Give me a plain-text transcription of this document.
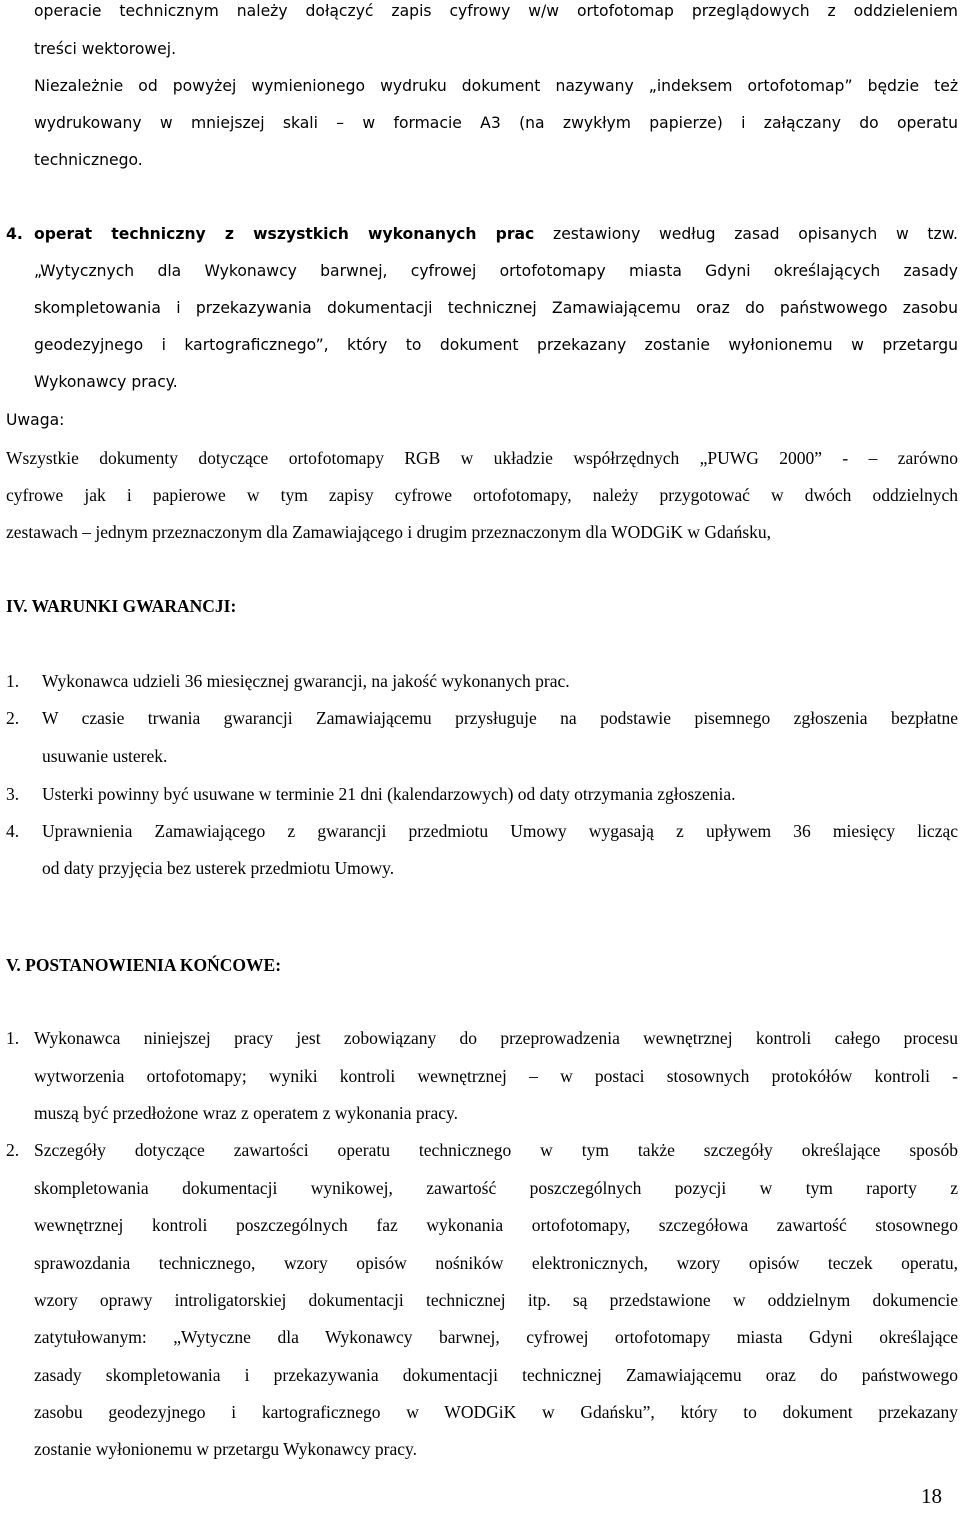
operacie technicznym należy dołączyć zapis cyfrowy w/w ortofotomap przeglądowych z oddzieleniem
treści wektorowej.
Niezależnie od powyżej wymienionego wydruku dokument nazywany „indeksem ortofotomap” będzie też
wydrukowany w mniejszej skali – w formacie A3 (na zwykłym papierze) i załączany do operatu
technicznego.
4. operat techniczny z wszystkich wykonanych prac zestawiony według zasad opisanych w tzw.
„Wytycznych dla Wykonawcy barwnej, cyfrowej ortofotomapy miasta Gdyni określających zasady
skompletowania i przekazywania dokumentacji technicznej Zamawiającemu oraz do państwowego zasobu
geodezyjnego i kartograficznego”, który to dokument przekazany zostanie wyłonionemu w przetargu
Wykonawcy pracy.
Uwaga:
Wszystkie dokumenty dotyczące ortofotomapy RGB w układzie współrzędnych „PUWG 2000” - – zarówno
cyfrowe jak i papierowe w tym zapisy cyfrowe ortofotomapy, należy przygotować w dwóch oddzielnych
zestawach – jednym przeznaczonym dla Zamawiającego i drugim przeznaczonym dla WODGiK w Gdańsku,
IV. WARUNKI GWARANCJI:
1. Wykonawca udzieli 36 miesięcznej gwarancji, na jakość wykonanych prac.
2. W czasie trwania gwarancji Zamawiającemu przysługuje na podstawie pisemnego zgłoszenia bezpłatne
usuwanie usterek.
3. Usterki powinny być usuwane w terminie 21 dni (kalendarzowych) od daty otrzymania zgłoszenia.
4. Uprawnienia Zamawiającego z gwarancji przedmiotu Umowy wygasają z upływem 36 miesięcy licząc
od daty przyjęcia bez usterek przedmiotu Umowy.
V. POSTANOWIENIA KOŃCOWE:
1. Wykonawca niniejszej pracy jest zobowiązany do przeprowadzenia wewnętrznej kontroli całego procesu
wytworzenia ortofotomapy; wyniki kontroli wewnętrznej – w postaci stosownych protokółów kontroli -
muszą być przedłożone wraz z operatem z wykonania pracy.
2. Szczegóły dotyczące zawartości operatu technicznego w tym także szczegóły określające sposób
skompletowania dokumentacji wynikowej, zawartość poszczególnych pozycji w tym raporty z
wewnętrznej kontroli poszczególnych faz wykonania ortofotomapy, szczegółowa zawartość stosownego
sprawozdania technicznego, wzory opisów nośników elektronicznych, wzory opisów teczek operatu,
wzory oprawy introligatorskiej dokumentacji technicznej itp. są przedstawione w oddzielnym dokumencie
zatytułowanym: „Wytyczne dla Wykonawcy barwnej, cyfrowej ortofotomapy miasta Gdyni określające
zasady skompletowania i przekazywania dokumentacji technicznej Zamawiającemu oraz do państwowego
zasobu geodezyjnego i kartograficznego w WODGiK w Gdańsku”, który to dokument przekazany
zostanie wyłonionemu w przetargu Wykonawcy pracy.
18
